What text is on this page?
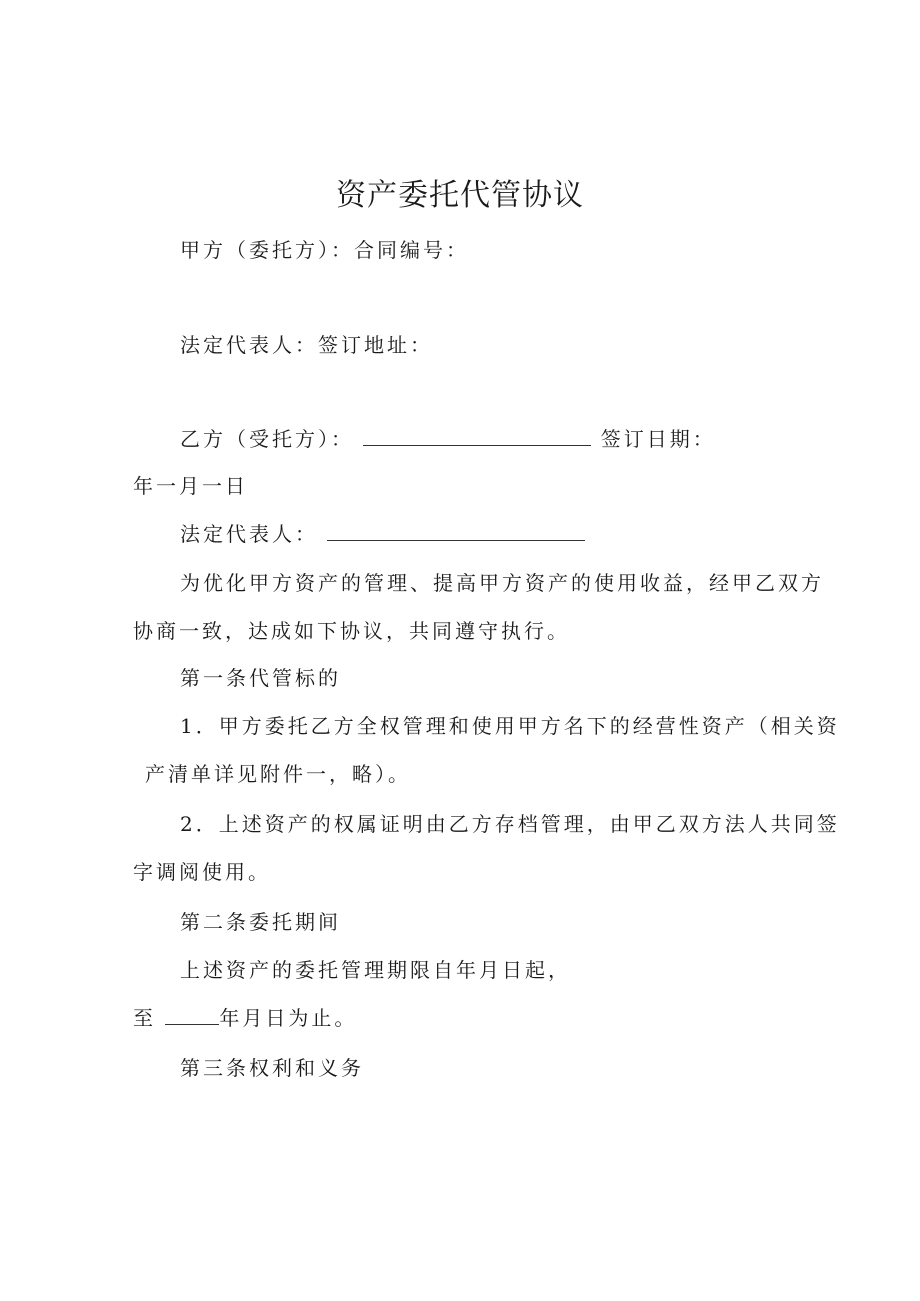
资产委托代管协议
甲方（委托方）：合同编号：
法定代表人：签订地址：
乙方（受托方）：	签订日期：
年一月一日
法定代表人：
为优化甲方资产的管理、提高甲方资产的使用收益，经甲乙双方
协商一致，达成如下协议，共同遵守执行。
第一条代管标的
1．甲方委托乙方全权管理和使用甲方名下的经营性资产（相关资
产清单详见附件一，略）。
2．上述资产的权属证明由乙方存档管理，由甲乙双方法人共同签
字调阅使用。
第二条委托期间
上述资产的委托管理期限自年月日起，
至	年月日为止。
第三条权利和义务
